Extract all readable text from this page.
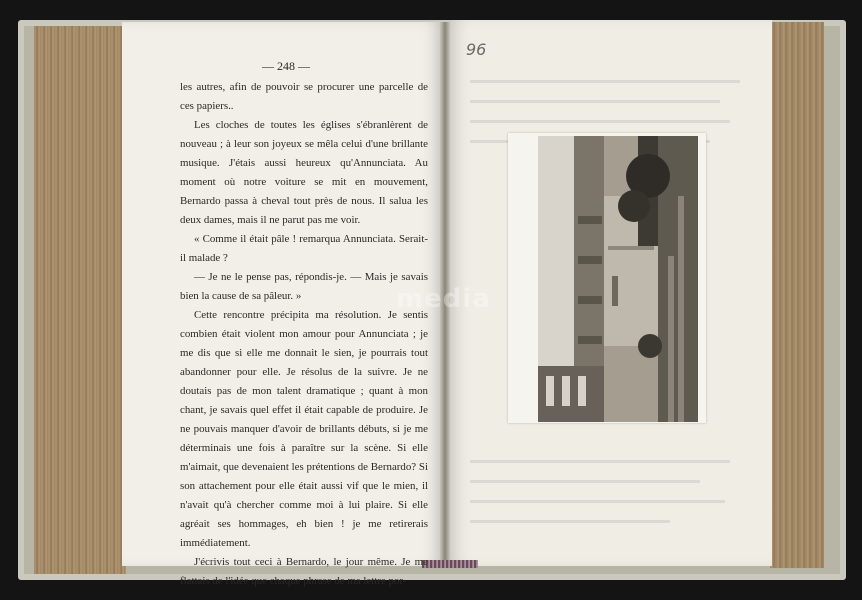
— 248 —

les autres, afin de pouvoir se procurer une parcelle de ces papiers..

Les cloches de toutes les églises s'ébranlèrent de nouveau ; à leur son joyeux se mêla celui d'une brillante musique. J'étais aussi heureux qu'Annunciata. Au moment où notre voiture se mit en mouvement, Bernardo passa à cheval tout près de nous. Il salua les deux dames, mais il ne parut pas me voir.

« Comme il était pâle ! remarqua Annunciata. Serait-il malade ?

— Je ne le pense pas, répondis-je. — Mais je savais bien la cause de sa pâleur. »

Cette rencontre précipita ma résolution. Je sentis combien était violent mon amour pour Annunciata ; je me dis que si elle me donnait le sien, je pourrais tout abandonner pour elle. Je résolus de la suivre. Je ne doutais pas de mon talent dramatique ; quant à mon chant, je savais quel effet il était capable de produire. Je ne pouvais manquer d'avoir de brillants débuts, si je me déterminais une fois à paraître sur la scène. Si elle m'aimait, que devenaient les prétentions de Bernardo? Si son attachement pour elle était aussi vif que le mien, il n'avait qu'à chercher comme moi à lui plaire. Si elle agréait ses hommages, eh bien ! je me retirerais immédiatement.

J'écrivis tout ceci à Bernardo, le jour même. Je me flattais de l'idée que chaque phrase de ma lettre por-

96
media
